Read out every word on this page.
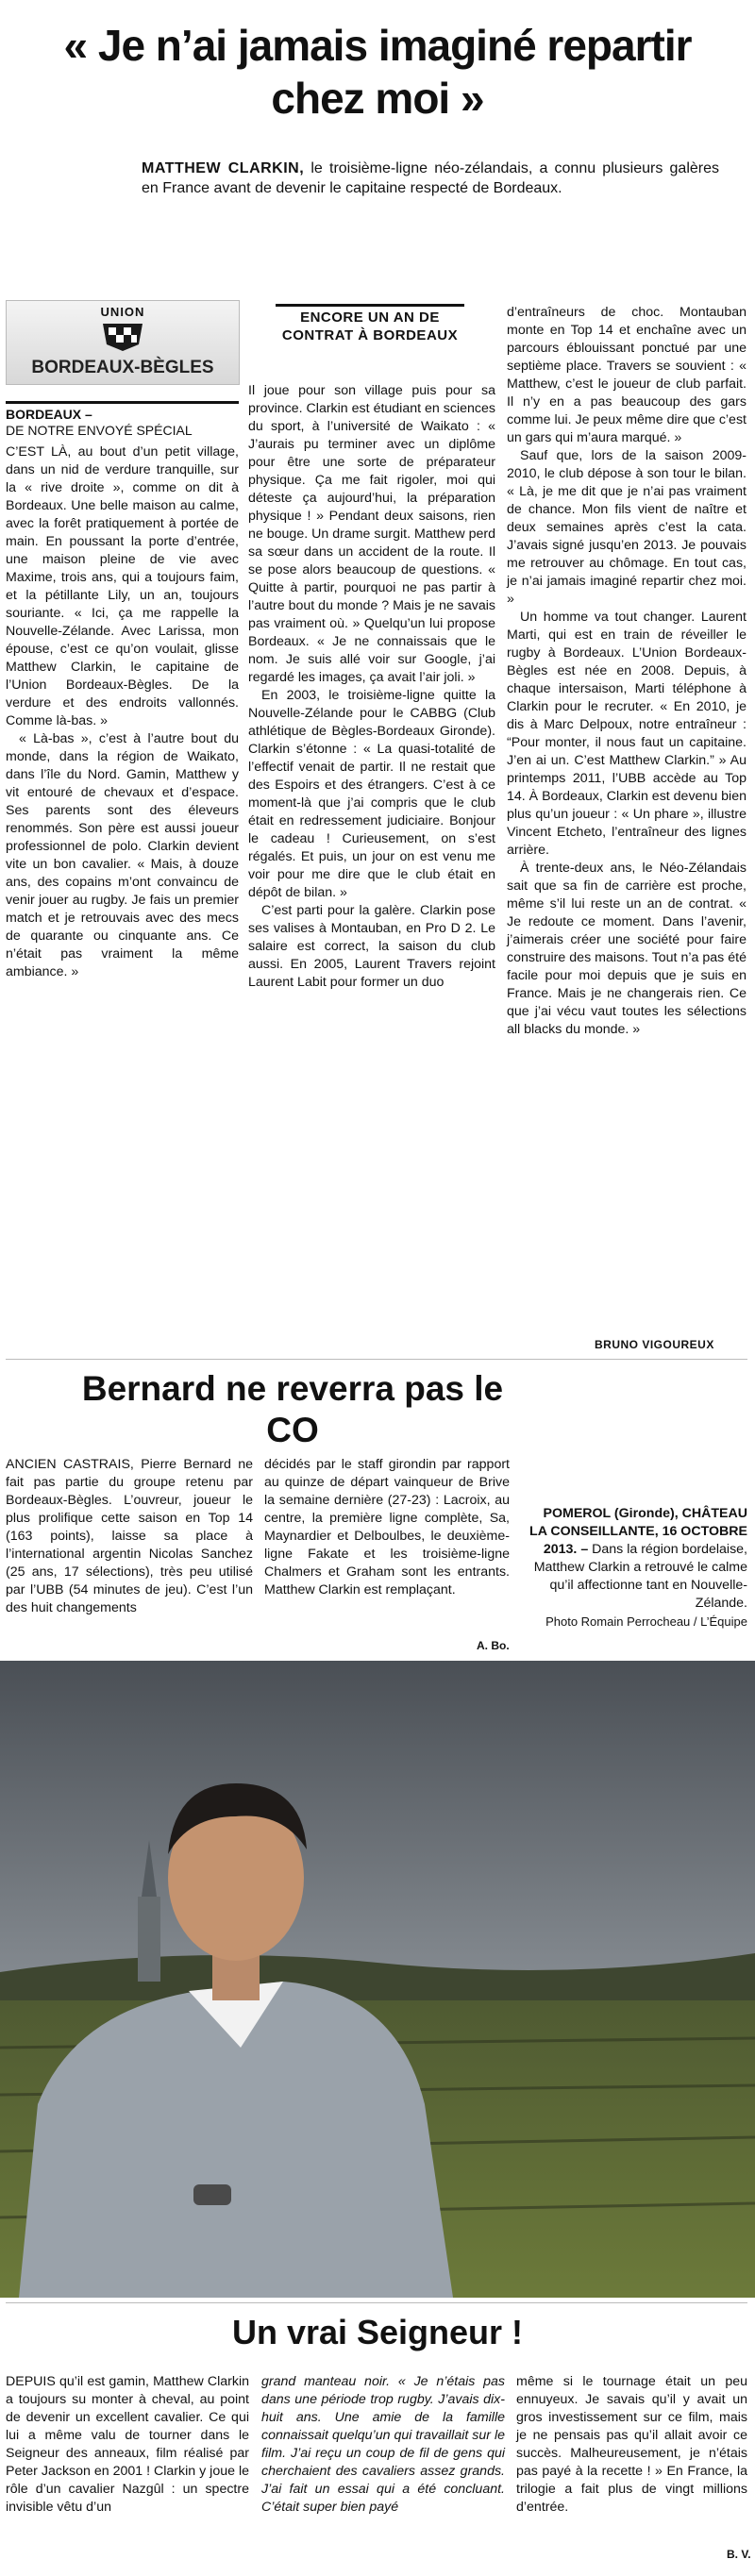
« Je n’ai jamais imaginé repartir chez moi »
MATTHEW CLARKIN, le troisième-ligne néo-zélandais, a connu plusieurs galères en France avant de devenir le capitaine respecté de Bordeaux.
UNION
BORDEAUX-BÈGLES
BORDEAUX –
DE NOTRE ENVOYÉ SPÉCIAL
ENCORE UN AN DE CONTRAT À BORDEAUX

C’EST LÀ, au bout d’un petit village, dans un nid de verdure tranquille, sur la « rive droite », comme on dit à Bordeaux. Une belle maison au calme, avec la forêt pratiquement à portée de main. En poussant la porte d’entrée, une maison pleine de vie avec Maxime, trois ans, qui a toujours faim, et la pétillante Lily, un an, toujours souriante. « Ici, ça me rappelle la Nouvelle-Zélande. Avec Larissa, mon épouse, c’est ce qu’on voulait, glisse Matthew Clarkin, le capitaine de l’Union Bordeaux-Bègles. De la verdure et des endroits vallonnés. Comme là-bas. »

« Là-bas », c’est à l’autre bout du monde, dans la région de Waikato, dans l’île du Nord. Gamin, Matthew y vit entouré de chevaux et d’espace. Ses parents sont des éleveurs renommés. Son père est aussi joueur professionnel de polo. Clarkin devient vite un bon cavalier. « Mais, à douze ans, des copains m’ont convaincu de venir jouer au rugby. Je fais un premier match et je retrouvais avec des mecs de quarante ou cinquante ans. Ce n’était pas vraiment la même ambiance. »

Il joue pour son village puis pour sa province. Clarkin est étudiant en sciences du sport, à l’université de Waikato : « J’aurais pu terminer avec un diplôme pour être une sorte de préparateur physique. Ça me fait rigoler, moi qui déteste ça aujourd’hui, la préparation physique ! » Pendant deux saisons, rien ne bouge. Un drame surgit. Matthew perd sa sœur dans un accident de la route. Il se pose alors beaucoup de questions. « Quitte à partir, pourquoi ne pas partir à l’autre bout du monde ? Mais je ne savais pas vraiment où. » Quelqu’un lui propose Bordeaux. « Je ne connaissais que le nom. Je suis allé voir sur Google, j’ai regardé les images, ça avait l’air joli. »

En 2003, le troisième-ligne quitte la Nouvelle-Zélande pour le CABBG (Club athlétique de Bègles-Bordeaux Gironde). Clarkin s’étonne : « La quasi-totalité de l’effectif venait de partir. Il ne restait que des Espoirs et des étrangers. C’est à ce moment-là que j’ai compris que le club était en redressement judiciaire. Bonjour le cadeau ! Curieusement, on s’est régalés. Et puis, un jour on est venu me voir pour me dire que le club était en dépôt de bilan. »

C’est parti pour la galère. Clarkin pose ses valises à Montauban, en Pro D 2. Le salaire est correct, la saison du club aussi. En 2005, Laurent Travers rejoint Laurent Labit pour former un duo

d’entraîneurs de choc. Montauban monte en Top 14 et enchaîne avec un parcours éblouissant ponctué par une septième place. Travers se souvient : « Matthew, c’est le joueur de club parfait. Il n’y en a pas beaucoup des gars comme lui. Je peux même dire que c’est un gars qui m’aura marqué. »

Sauf que, lors de la saison 2009-2010, le club dépose à son tour le bilan. « Là, je me dit que je n’ai pas vraiment de chance. Mon fils vient de naître et deux semaines après c’est la cata. J’avais signé jusqu’en 2013. Je pouvais me retrouver au chômage. En tout cas, je n’ai jamais imaginé repartir chez moi. »

Un homme va tout changer. Laurent Marti, qui est en train de réveiller le rugby à Bordeaux. L’Union Bordeaux-Bègles est née en 2008. Depuis, à chaque intersaison, Marti téléphone à Clarkin pour le recruter. « En 2010, je dis à Marc Delpoux, notre entraîneur : “Pour monter, il nous faut un capitaine. J’en ai un. C’est Matthew Clarkin.” » Au printemps 2011, l’UBB accède au Top 14. À Bordeaux, Clarkin est devenu bien plus qu’un joueur : « Un phare », illustre Vincent Etcheto, l’entraîneur des lignes arrière.

À trente-deux ans, le Néo-Zélandais sait que sa fin de carrière est proche, même s’il lui reste un an de contrat. « Je redoute ce moment. Dans l’avenir, j’aimerais créer une société pour faire construire des maisons. Tout n’a pas été facile pour moi depuis que je suis en France. Mais je ne changerais rien. Ce que j’ai vécu vaut toutes les sélections all blacks du monde. »

BRUNO VIGOUREUX
Bernard ne reverra pas le CO
ANCIEN CASTRAIS, Pierre Bernard ne fait pas partie du groupe retenu par Bordeaux-Bègles. L’ouvreur, joueur le plus prolifique cette saison en Top 14 (163 points), laisse sa place à l’international argentin Nicolas Sanchez (25 ans, 17 sélections), très peu utilisé par l’UBB (54 minutes de jeu). C’est l’un des huit changements
décidés par le staff girondin par rapport au quinze de départ vainqueur de Brive la semaine dernière (27-23) : Lacroix, au centre, la première ligne complète, Sa, Maynardier et Delboulbes, le deuxième-ligne Fakate et les troisième-ligne Chalmers et Graham sont les entrants. Matthew Clarkin est remplaçant.
A. Bo.
POMEROL (Gironde), CHÂTEAU LA CONSEILLANTE, 16 OCTOBRE 2013. – Dans la région bordelaise, Matthew Clarkin a retrouvé le calme qu’il affectionne tant en Nouvelle-Zélande.
Photo Romain Perrocheau / L’Équipe
Un vrai Seigneur !
DEPUIS qu’il est gamin, Matthew Clarkin a toujours su monter à cheval, au point de devenir un excellent cavalier. Ce qui lui a même valu de tourner dans le Seigneur des anneaux, film réalisé par Peter Jackson en 2001 ! Clarkin y joue le rôle d’un cavalier Nazgûl : un spectre invisible vêtu d’un
grand manteau noir. « Je n’étais pas dans une période trop rugby. J’avais dix-huit ans. Une amie de la famille connaissait quelqu’un qui travaillait sur le film. J’ai reçu un coup de fil de gens qui cherchaient des cavaliers assez grands. J’ai fait un essai qui a été concluant. C’était super bien payé
même si le tournage était un peu ennuyeux. Je savais qu’il y avait un gros investissement sur ce film, mais je ne pensais pas qu’il allait avoir ce succès. Malheureusement, je n’étais pas payé à la recette ! » En France, la trilogie a fait plus de vingt millions d’entrée.
B. V.
